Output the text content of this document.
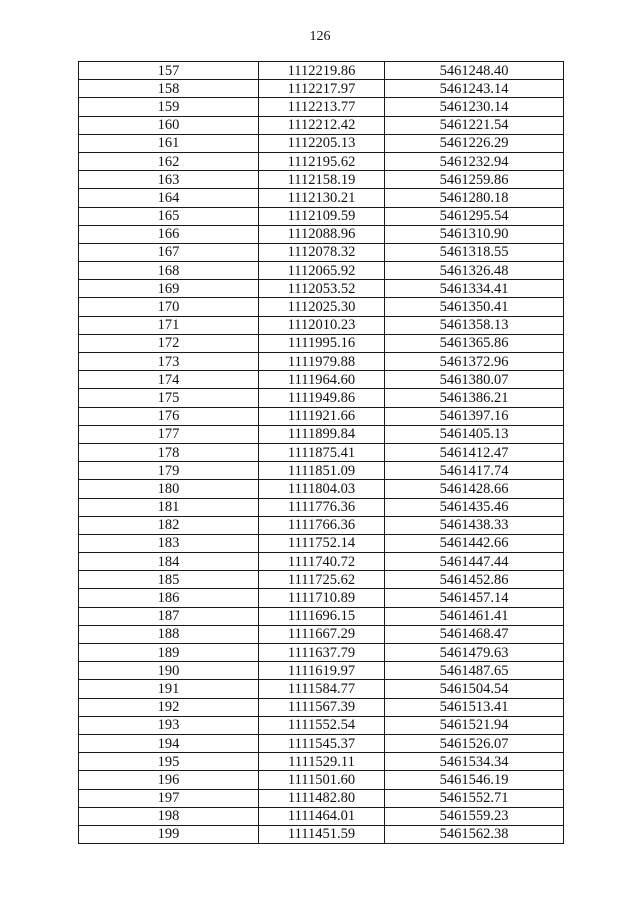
126
157	1112219.86	5461248.40
158	1112217.97	5461243.14
159	1112213.77	5461230.14
160	1112212.42	5461221.54
161	1112205.13	5461226.29
162	1112195.62	5461232.94
163	1112158.19	5461259.86
164	1112130.21	5461280.18
165	1112109.59	5461295.54
166	1112088.96	5461310.90
167	1112078.32	5461318.55
168	1112065.92	5461326.48
169	1112053.52	5461334.41
170	1112025.30	5461350.41
171	1112010.23	5461358.13
172	1111995.16	5461365.86
173	1111979.88	5461372.96
174	1111964.60	5461380.07
175	1111949.86	5461386.21
176	1111921.66	5461397.16
177	1111899.84	5461405.13
178	1111875.41	5461412.47
179	1111851.09	5461417.74
180	1111804.03	5461428.66
181	1111776.36	5461435.46
182	1111766.36	5461438.33
183	1111752.14	5461442.66
184	1111740.72	5461447.44
185	1111725.62	5461452.86
186	1111710.89	5461457.14
187	1111696.15	5461461.41
188	1111667.29	5461468.47
189	1111637.79	5461479.63
190	1111619.97	5461487.65
191	1111584.77	5461504.54
192	1111567.39	5461513.41
193	1111552.54	5461521.94
194	1111545.37	5461526.07
195	1111529.11	5461534.34
196	1111501.60	5461546.19
197	1111482.80	5461552.71
198	1111464.01	5461559.23
199	1111451.59	5461562.38
